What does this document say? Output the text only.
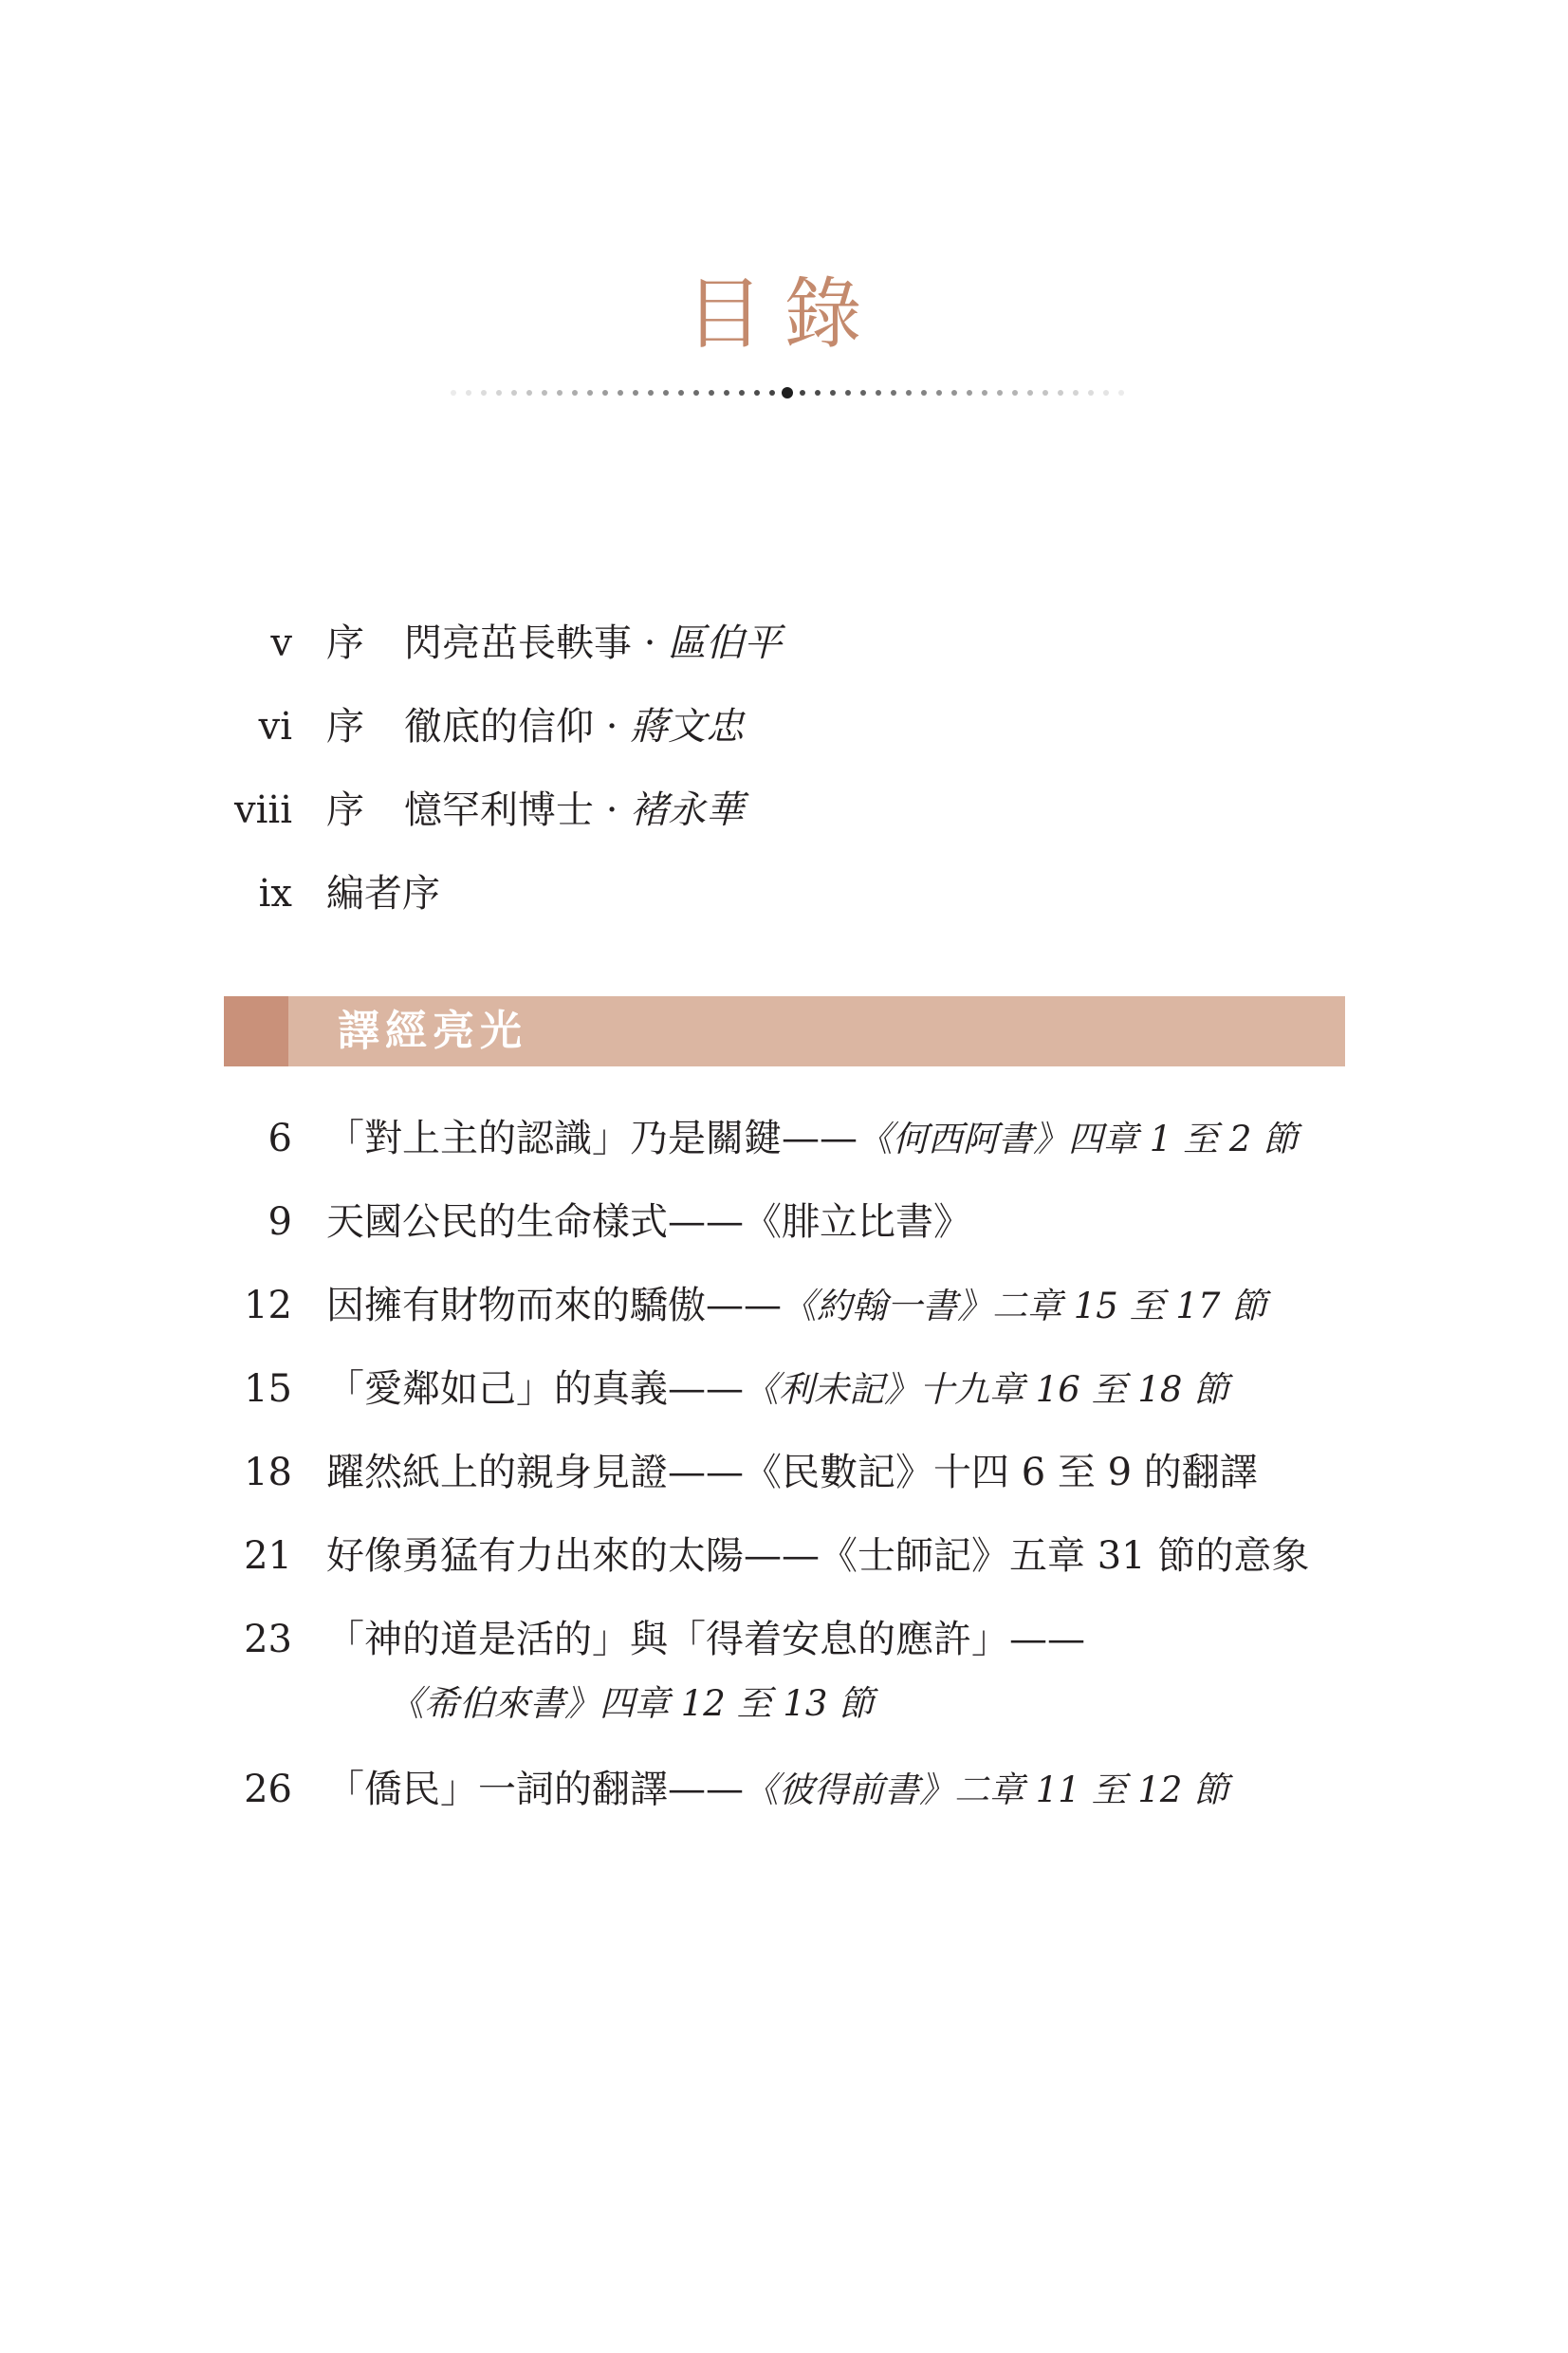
目錄
v 序 閃亮茁長軼事 · 區伯平
vi 序 徹底的信仰 · 蔣文忠
viii 序 憶罕利博士 · 褚永華
ix 編者序
譯經亮光
6 「對上主的認識」乃是關鍵——《何西阿書》四章 1 至 2 節
9 天國公民的生命樣式——《腓立比書》
12 因擁有財物而來的驕傲——《約翰一書》二章 15 至 17 節
15 「愛鄰如己」的真義——《利未記》十九章 16 至 18 節
18 躍然紙上的親身見證——《民數記》十四 6 至 9 的翻譯
21 好像勇猛有力出來的太陽——《士師記》五章 31 節的意象
23 「神的道是活的」與「得着安息的應許」——
《希伯來書》四章 12 至 13 節
26 「僑民」一詞的翻譯——《彼得前書》二章 11 至 12 節
